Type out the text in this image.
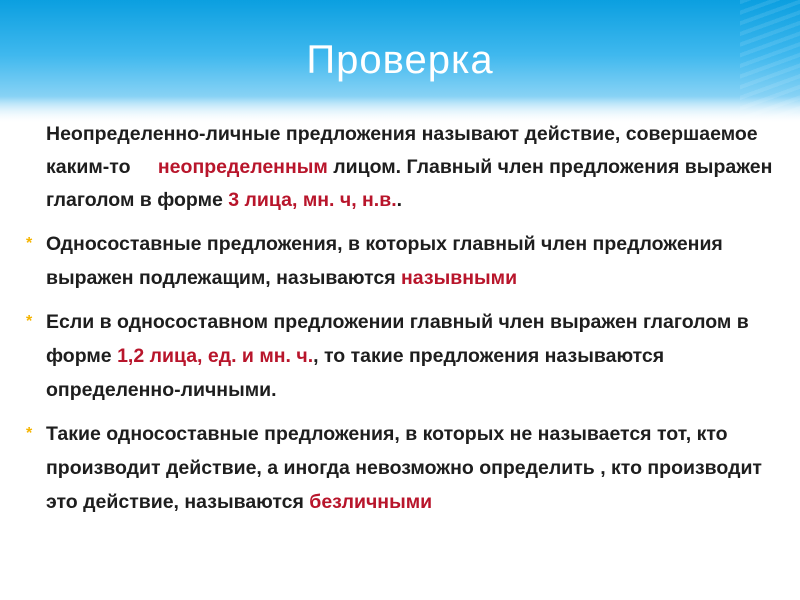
Проверка
Неопределенно-личные предложения называют действие, совершаемое каким-то неопределенным лицом. Главный член предложения выражен глаголом в форме 3 лица, мн. ч, н.в..
* Односоставные предложения, в которых главный член предложения выражен подлежащим, называются назывными
* Если в односоставном предложении главный член выражен глаголом в форме 1,2 лица, ед. и мн. ч., то такие предложения называются определенно-личными.
* Такие односоставные предложения, в которых не называется тот, кто производит действие, а иногда невозможно определить , кто производит это действие, называются безличными
